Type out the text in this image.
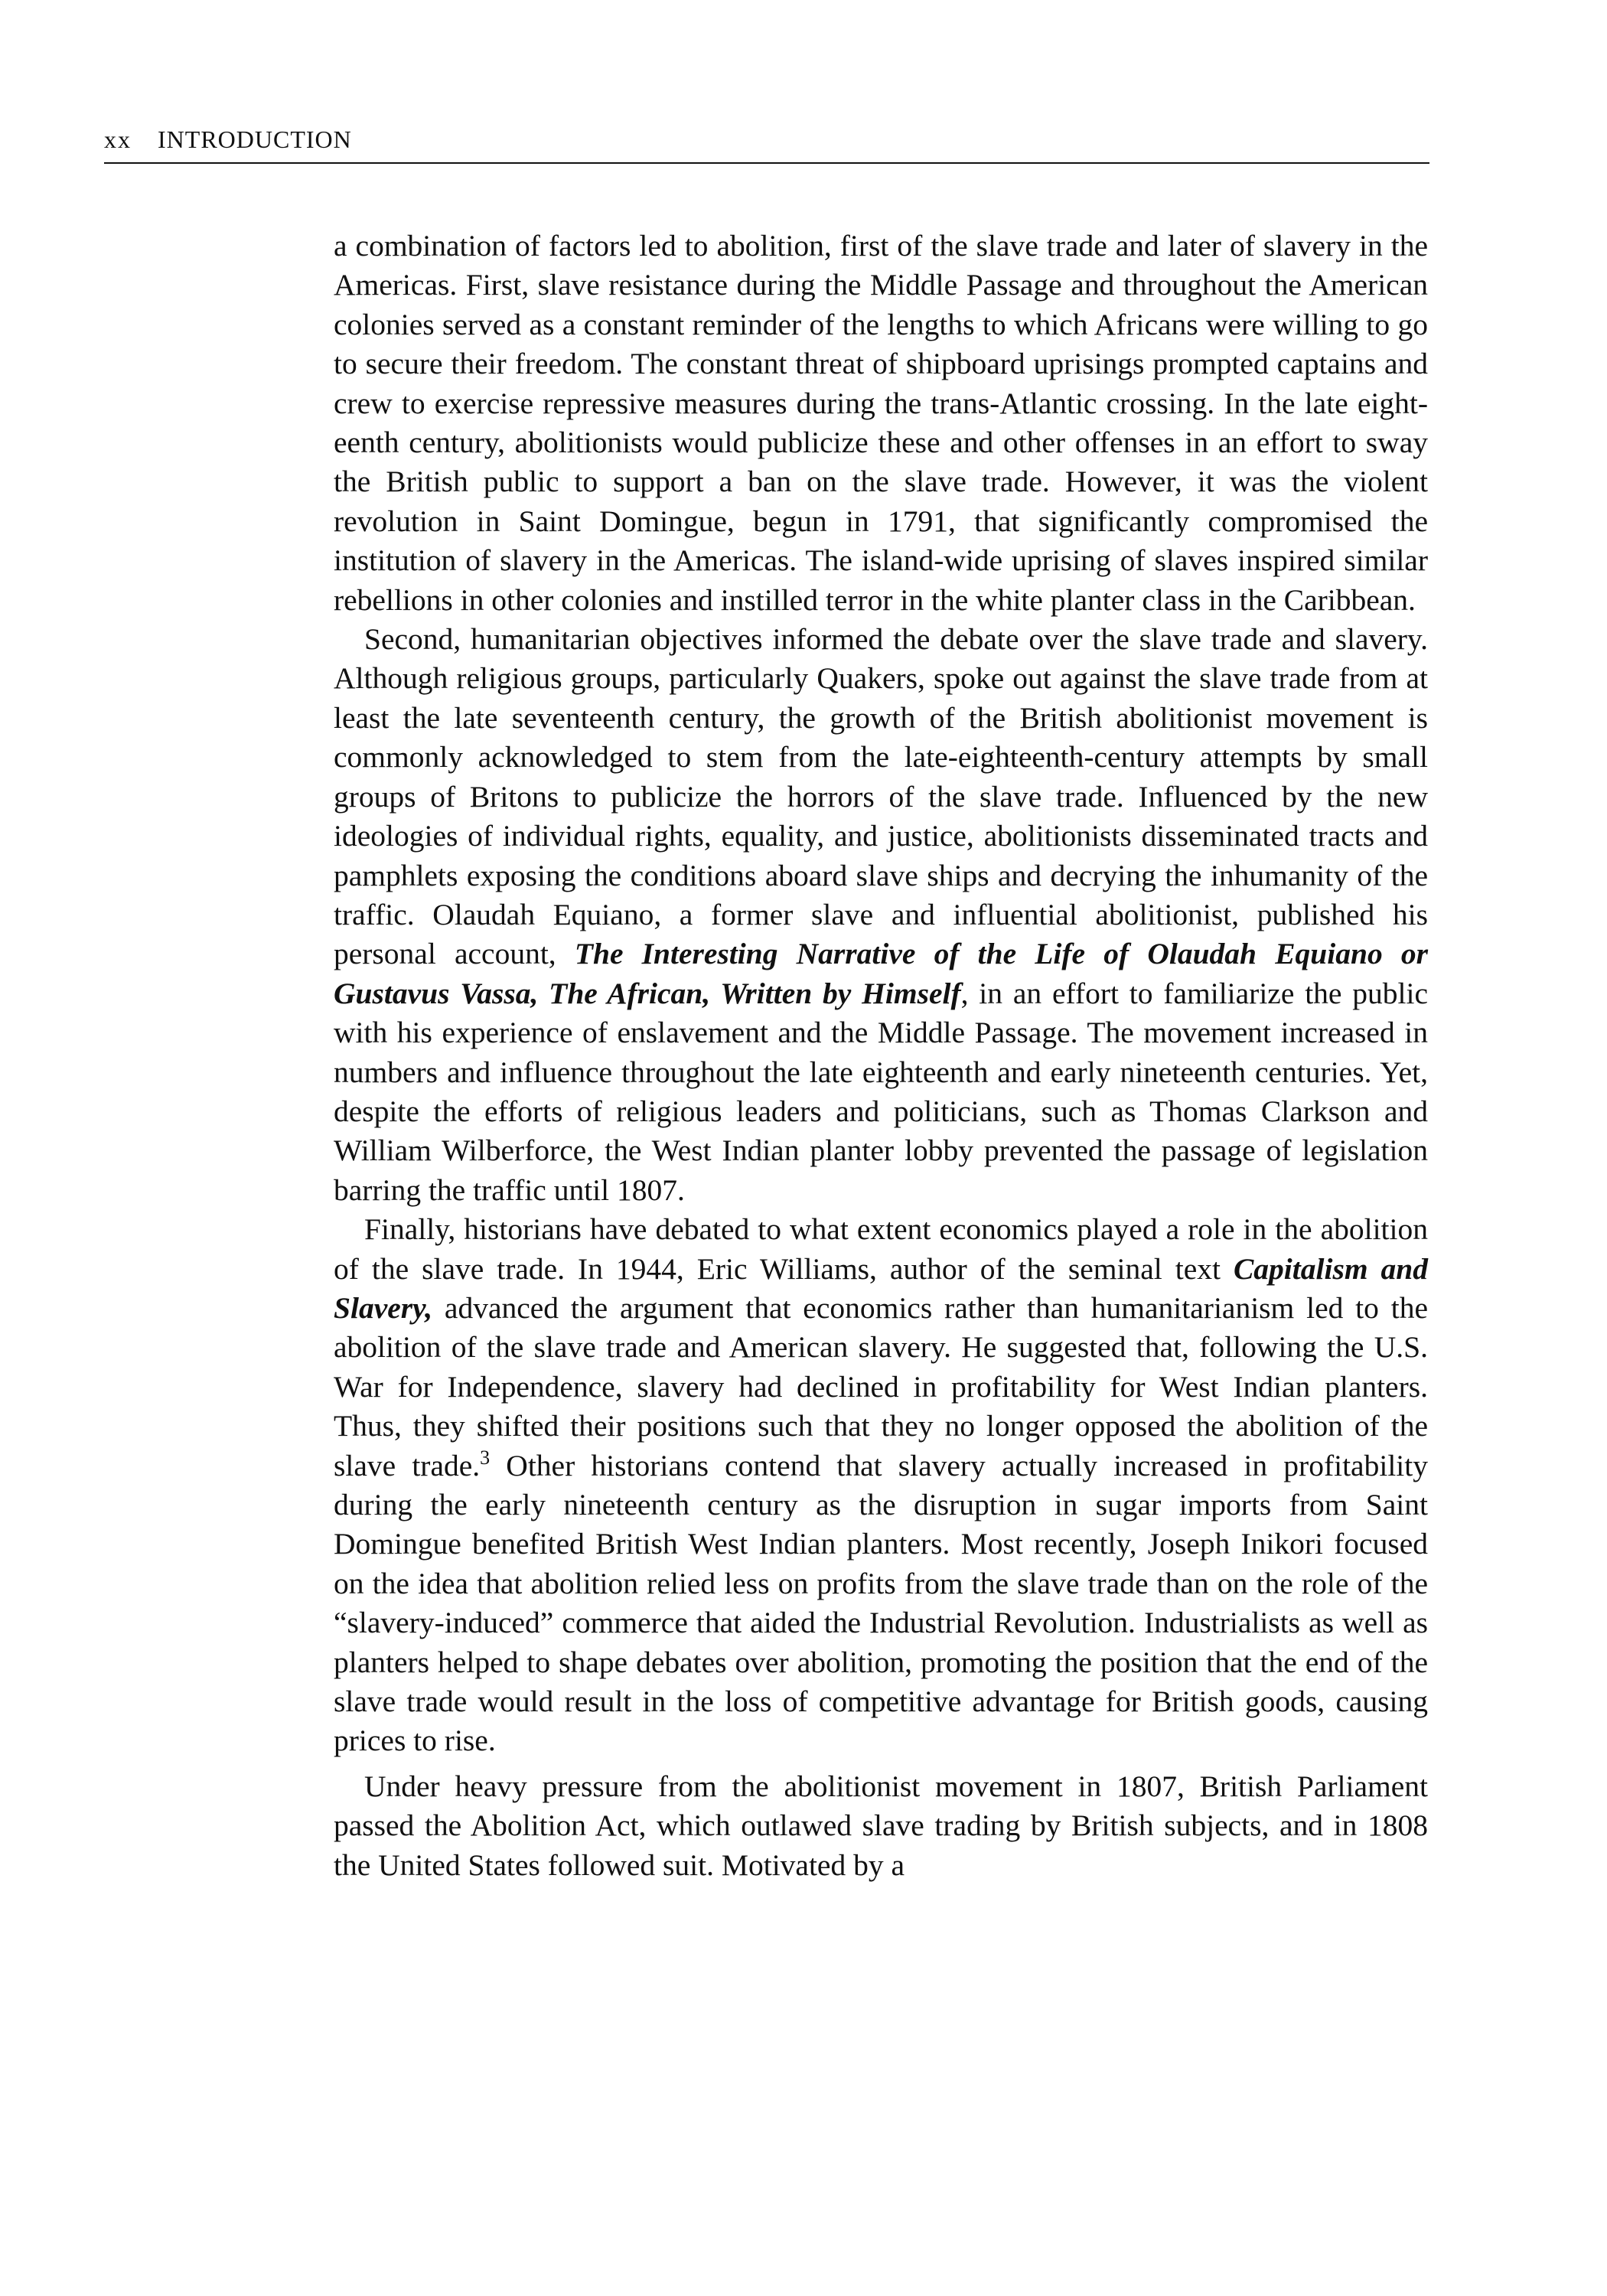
xx INTRODUCTION

a combination of factors led to abolition, first of the slave trade and later of slavery in the Americas. First, slave resistance during the Middle Passage and throughout the American colonies served as a constant reminder of the lengths to which Africans were willing to go to secure their freedom. The constant threat of shipboard uprisings prompted captains and crew to exercise repressive measures during the trans-Atlantic crossing. In the late eighteenth century, abolitionists would publicize these and other offenses in an effort to sway the British public to support a ban on the slave trade. However, it was the violent revolution in Saint Domingue, begun in 1791, that significantly compromised the institution of slavery in the Americas. The island-wide uprising of slaves inspired similar rebellions in other colonies and instilled terror in the white planter class in the Caribbean.

Second, humanitarian objectives informed the debate over the slave trade and slavery. Although religious groups, particularly Quakers, spoke out against the slave trade from at least the late seventeenth century, the growth of the British abolitionist movement is commonly acknowledged to stem from the late-eighteenth-century attempts by small groups of Britons to publicize the horrors of the slave trade. Influenced by the new ideologies of individual rights, equality, and justice, abolitionists disseminated tracts and pamphlets exposing the conditions aboard slave ships and decrying the inhumanity of the traffic. Olaudah Equiano, a former slave and influential abolitionist, published his personal account, The Interesting Narrative of the Life of Olaudah Equiano or Gustavus Vassa, The African, Written by Himself, in an effort to familiarize the public with his experience of enslavement and the Middle Passage. The movement increased in numbers and influence throughout the late eighteenth and early nineteenth centuries. Yet, despite the efforts of religious leaders and politicians, such as Thomas Clarkson and William Wilberforce, the West Indian planter lobby prevented the passage of legislation barring the traffic until 1807.

Finally, historians have debated to what extent economics played a role in the abolition of the slave trade. In 1944, Eric Williams, author of the seminal text Capitalism and Slavery, advanced the argument that economics rather than humanitarianism led to the abolition of the slave trade and American slavery. He suggested that, following the U.S. War for Independence, slavery had declined in profitability for West Indian planters. Thus, they shifted their positions such that they no longer opposed the abolition of the slave trade.$^3$ Other historians contend that slavery actually increased in profitability during the early nineteenth century as the disruption in sugar imports from Saint Domingue benefited British West Indian planters. Most recently, Joseph Inikori focused on the idea that abolition relied less on profits from the slave trade than on the role of the “slavery-induced” commerce that aided the Industrial Revolution. Industrialists as well as planters helped to shape debates over abolition, promoting the position that the end of the slave trade would result in the loss of competitive advantage for British goods, causing prices to rise.

Under heavy pressure from the abolitionist movement in 1807, British Parliament passed the Abolition Act, which outlawed slave trading by British subjects, and in 1808 the United States followed suit. Motivated by a
